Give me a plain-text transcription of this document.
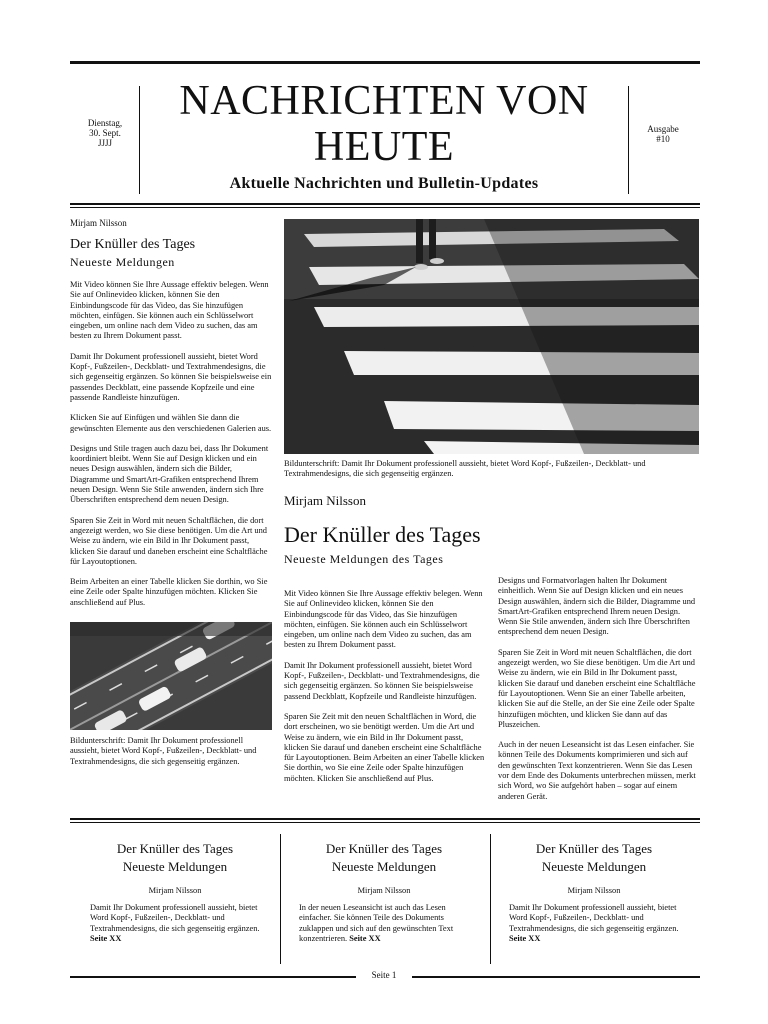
Dienstag,
30. Sept.
JJJJ
NACHRICHTEN VON HEUTE
Aktuelle Nachrichten und Bulletin-Updates
Ausgabe
#10
Mirjam Nilsson
Der Knüller des Tages
Neueste Meldungen

Mit Video können Sie Ihre Aussage effektiv belegen. Wenn Sie auf Onlinevideo klicken, können Sie den Einbindungscode für das Video, das Sie hinzufügen möchten, einfügen. Sie können auch ein Schlüsselwort eingeben, um online nach dem Video zu suchen, das am besten zu Ihrem Dokument passt.

Damit Ihr Dokument professionell aussieht, bietet Word Kopf-, Fußzeilen-, Deckblatt- und Textrahmendesigns, die sich gegenseitig ergänzen. So können Sie beispielsweise ein passendes Deckblatt, eine passende Kopfzeile und eine passende Randleiste hinzufügen.

Klicken Sie auf Einfügen und wählen Sie dann die gewünschten Elemente aus den verschiedenen Galerien aus.

Designs und Stile tragen auch dazu bei, dass Ihr Dokument koordiniert bleibt. Wenn Sie auf Design klicken und ein neues Design auswählen, ändern sich die Bilder, Diagramme und SmartArt-Grafiken entsprechend Ihrem neuen Design. Wenn Sie Stile anwenden, ändern sich Ihre Überschriften entsprechend dem neuen Design.

Sparen Sie Zeit in Word mit neuen Schaltflächen, die dort angezeigt werden, wo Sie diese benötigen. Um die Art und Weise zu ändern, wie ein Bild in Ihr Dokument passt, klicken Sie darauf und daneben erscheint eine Schaltfläche für Layoutoptionen.

Beim Arbeiten an einer Tabelle klicken Sie dorthin, wo Sie eine Zeile oder Spalte hinzufügen möchten. Klicken Sie anschließend auf Plus.

Bildunterschrift: Damit Ihr Dokument professionell aussieht, bietet Word Kopf-, Fußzeilen-, Deckblatt- und Textrahmendesigns, die sich gegenseitig ergänzen.
Bildunterschrift: Damit Ihr Dokument professionell aussieht, bietet Word Kopf-, Fußzeilen-, Deckblatt- und Textrahmendesigns, die sich gegenseitig ergänzen.
Mirjam Nilsson
Der Knüller des Tages
Neueste Meldungen des Tages

Mit Video können Sie Ihre Aussage effektiv belegen. Wenn Sie auf Onlinevideo klicken, können Sie den Einbindungscode für das Video, das Sie hinzufügen möchten, einfügen. Sie können auch ein Schlüsselwort eingeben, um online nach dem Video zu suchen, das am besten zu Ihrem Dokument passt.

Damit Ihr Dokument professionell aussieht, bietet Word Kopf-, Fußzeilen-, Deckblatt- und Textrahmendesigns, die sich gegenseitig ergänzen. So können Sie beispielsweise passend Deckblatt, Kopfzeile und Randleiste hinzufügen.

Sparen Sie Zeit mit den neuen Schaltflächen in Word, die dort erscheinen, wo sie benötigt werden. Um die Art und Weise zu ändern, wie ein Bild in Ihr Dokument passt, klicken Sie darauf und daneben erscheint eine Schaltfläche für Layoutoptionen. Beim Arbeiten an einer Tabelle klicken Sie dorthin, wo Sie eine Zeile oder Spalte hinzufügen möchten. Klicken Sie anschließend auf Plus.

Designs und Formatvorlagen halten Ihr Dokument einheitlich. Wenn Sie auf Design klicken und ein neues Design auswählen, ändern sich die Bilder, Diagramme und SmartArt-Grafiken entsprechend Ihrem neuen Design. Wenn Sie Stile anwenden, ändern sich Ihre Überschriften entsprechend dem neuen Design.

Sparen Sie Zeit in Word mit neuen Schaltflächen, die dort angezeigt werden, wo Sie diese benötigen. Um die Art und Weise zu ändern, wie ein Bild in Ihr Dokument passt, klicken Sie darauf und daneben erscheint eine Schaltfläche für Layoutoptionen. Wenn Sie an einer Tabelle arbeiten, klicken Sie auf die Stelle, an der Sie eine Zeile oder Spalte hinzufügen möchten, und klicken Sie dann auf das Pluszeichen.

Auch in der neuen Leseansicht ist das Lesen einfacher. Sie können Teile des Dokuments komprimieren und sich auf den gewünschten Text konzentrieren. Wenn Sie das Lesen vor dem Ende des Dokuments unterbrechen müssen, merkt sich Word, wo Sie aufgehört haben – sogar auf einem anderen Gerät.

Der Knüller des Tages
Neueste Meldungen
Mirjam Nilsson
Damit Ihr Dokument professionell aussieht, bietet Word Kopf-, Fußzeilen-, Deckblatt- und Textrahmendesigns, die sich gegenseitig ergänzen. Seite XX
Der Knüller des Tages
Neueste Meldungen
Mirjam Nilsson
In der neuen Leseansicht ist auch das Lesen einfacher. Sie können Teile des Dokuments zuklappen und sich auf den gewünschten Text konzentrieren. Seite XX
Der Knüller des Tages
Neueste Meldungen
Mirjam Nilsson
Damit Ihr Dokument professionell aussieht, bietet Word Kopf-, Fußzeilen-, Deckblatt- und Textrahmendesigns, die sich gegenseitig ergänzen. Seite XX
Seite 1
